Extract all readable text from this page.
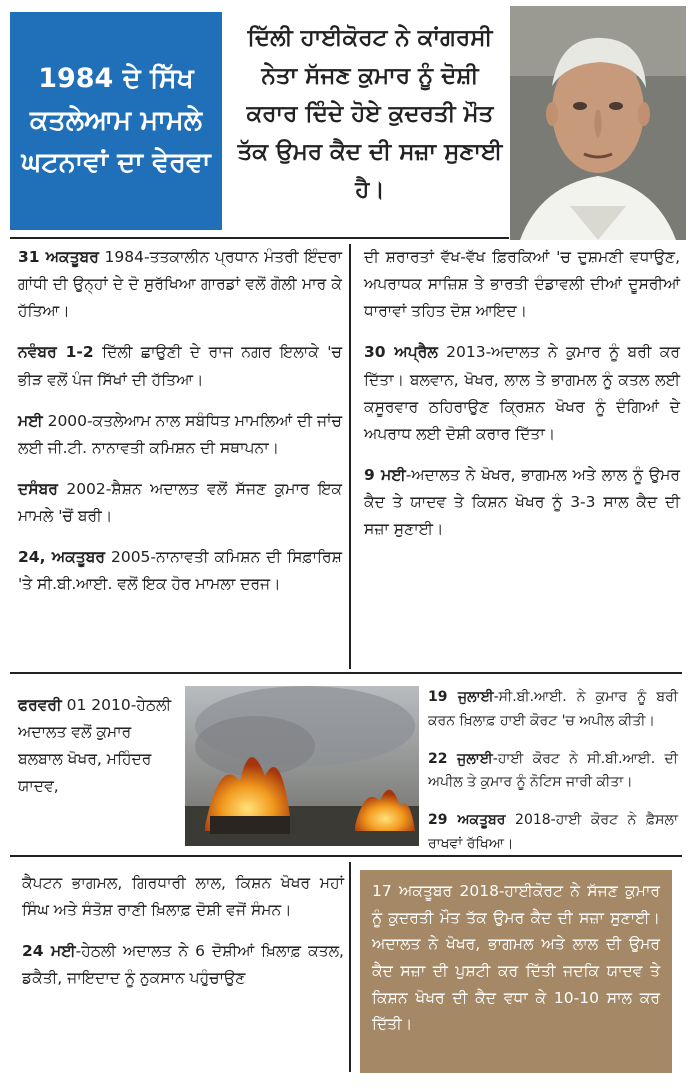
1984 ਦੇ ਸਿੱਖ
ਕਤਲੇਆਮ ਮਾਮਲੇ
ਘਟਨਾਵਾਂ ਦਾ ਵੇਰਵਾ
ਦਿੱਲੀ ਹਾਈਕੋਰਟ ਨੇ ਕਾਂਗਰਸੀ ਨੇਤਾ ਸੱਜਣ ਕੁਮਾਰ ਨੂੰ ਦੋਸ਼ੀ ਕਰਾਰ ਦਿੰਦੇ ਹੋਏ ਕੁਦਰਤੀ ਮੌਤ ਤੱਕ ਉਮਰ ਕੈਦ ਦੀ ਸਜ਼ਾ ਸੁਣਾਈ ਹੈ।

31 ਅਕਤੂਬਰ 1984-ਤਤਕਾਲੀਨ ਪ੍ਰਧਾਨ ਮੰਤਰੀ ਇੰਦਰਾ ਗਾਂਧੀ ਦੀ ਉਨ੍ਹਾਂ ਦੇ ਦੋ ਸੁਰੱਖਿਆ ਗਾਰਡਾਂ ਵਲੋਂ ਗੋਲੀ ਮਾਰ ਕੇ ਹੱਤਿਆ।

ਨਵੰਬਰ 1-2 ਦਿੱਲੀ ਛਾਉਣੀ ਦੇ ਰਾਜ ਨਗਰ ਇਲਾਕੇ 'ਚ ਭੀੜ ਵਲੋਂ ਪੰਜ ਸਿੱਖਾਂ ਦੀ ਹੱਤਿਆ।

ਮਈ 2000-ਕਤਲੇਆਮ ਨਾਲ ਸਬੰਧਿਤ ਮਾਮਲਿਆਂ ਦੀ ਜਾਂਚ ਲਈ ਜੀ.ਟੀ. ਨਾਨਾਵਤੀ ਕਮਿਸ਼ਨ ਦੀ ਸਥਾਪਨਾ।

ਦਸੰਬਰ 2002-ਸ਼ੈਸ਼ਨ ਅਦਾਲਤ ਵਲੋਂ ਸੱਜਣ ਕੁਮਾਰ ਇਕ ਮਾਮਲੇ 'ਚੋਂ ਬਰੀ।

24, ਅਕਤੂਬਰ 2005-ਨਾਨਾਵਤੀ ਕਮਿਸ਼ਨ ਦੀ ਸਿਫ਼ਾਰਿਸ਼ 'ਤੇ ਸੀ.ਬੀ.ਆਈ. ਵਲੋਂ ਇਕ ਹੋਰ ਮਾਮਲਾ ਦਰਜ।

ਦੀ ਸ਼ਰਾਰਤਾਂ ਵੱਖ-ਵੱਖ ਫ਼ਿਰਕਿਆਂ 'ਚ ਦੁਸ਼ਮਣੀ ਵਧਾਉਣ, ਅਪਰਾਧਕ ਸਾਜ਼ਿਸ਼ ਤੇ ਭਾਰਤੀ ਦੰਡਾਵਲੀ ਦੀਆਂ ਦੂਸਰੀਆਂ ਧਾਰਾਵਾਂ ਤਹਿਤ ਦੋਸ਼ ਆਇਦ।

30 ਅਪ੍ਰੈਲ 2013-ਅਦਾਲਤ ਨੇ ਕੁਮਾਰ ਨੂੰ ਬਰੀ ਕਰ ਦਿੱਤਾ। ਬਲਵਾਨ, ਖੋਖਰ, ਲਾਲ ਤੇ ਭਾਗਮਲ ਨੂੰ ਕਤਲ ਲਈ ਕਸੂਰਵਾਰ ਠਹਿਰਾਉਣ ਕ੍ਰਿਸ਼ਨ ਖੋਖਰ ਨੂੰ ਦੰਗਿਆਂ ਦੇ ਅਪਰਾਧ ਲਈ ਦੋਸ਼ੀ ਕਰਾਰ ਦਿੱਤਾ।

9 ਮਈ-ਅਦਾਲਤ ਨੇ ਖੋਖਰ, ਭਾਗਮਲ ਅਤੇ ਲਾਲ ਨੂੰ ਉਮਰ ਕੈਦ ਤੇ ਯਾਦਵ ਤੇ ਕਿਸ਼ਨ ਖੋਖਰ ਨੂੰ 3-3 ਸਾਲ ਕੈਦ ਦੀ ਸਜ਼ਾ ਸੁਣਾਈ।

ਫਰਵਰੀ 01 2010-ਹੇਠਲੀ ਅਦਾਲਤ ਵਲੋਂ ਕੁਮਾਰ ਬਲਬਾਲ ਖੋਖਰ, ਮਹਿੰਦਰ ਯਾਦਵ,

19 ਜੁਲਾਈ-ਸੀ.ਬੀ.ਆਈ. ਨੇ ਕੁਮਾਰ ਨੂੰ ਬਰੀ ਕਰਨ ਖ਼ਿਲਾਫ਼ ਹਾਈ ਕੋਰਟ 'ਚ ਅਪੀਲ ਕੀਤੀ।

22 ਜੁਲਾਈ-ਹਾਈ ਕੋਰਟ ਨੇ ਸੀ.ਬੀ.ਆਈ. ਦੀ ਅਪੀਲ ਤੇ ਕੁਮਾਰ ਨੂੰ ਨੋਟਿਸ ਜਾਰੀ ਕੀਤਾ।

29 ਅਕਤੂਬਰ 2018-ਹਾਈ ਕੋਰਟ ਨੇ ਫ਼ੈਸਲਾ ਰਾਖਵਾਂ ਰੱਖਿਆ।

ਕੈਪਟਨ ਭਾਗਮਲ, ਗਿਰਧਾਰੀ ਲਾਲ, ਕਿਸ਼ਨ ਖੋਖਰ ਮਹਾਂ ਸਿੰਘ ਅਤੇ ਸੰਤੋਸ਼ ਰਾਣੀ ਖ਼ਿਲਾਫ਼ ਦੋਸ਼ੀ ਵਜੋਂ ਸੰਮਨ।

24 ਮਈ-ਹੇਠਲੀ ਅਦਾਲਤ ਨੇ 6 ਦੋਸ਼ੀਆਂ ਖ਼ਿਲਾਫ਼ ਕਤਲ, ਡਕੈਤੀ, ਜਾਇਦਾਦ ਨੂੰ ਨੁਕਸਾਨ ਪਹੁੰਚਾਉਣ

17 ਅਕਤੂਬਰ 2018-ਹਾਈਕੋਰਟ ਨੇ ਸੱਜਣ ਕੁਮਾਰ ਨੂੰ ਕੁਦਰਤੀ ਮੌਤ ਤੱਕ ਉਮਰ ਕੈਦ ਦੀ ਸਜ਼ਾ ਸੁਣਾਈ। ਅਦਾਲਤ ਨੇ ਖੋਖਰ, ਭਾਗਮਲ ਅਤੇ ਲਾਲ ਦੀ ਉਮਰ ਕੈਦ ਸਜ਼ਾ ਦੀ ਪੁਸ਼ਟੀ ਕਰ ਦਿੱਤੀ ਜਦਕਿ ਯਾਦਵ ਤੇ ਕਿਸ਼ਨ ਖੋਖਰ ਦੀ ਕੈਦ ਵਧਾ ਕੇ 10-10 ਸਾਲ ਕਰ ਦਿੱਤੀ।
